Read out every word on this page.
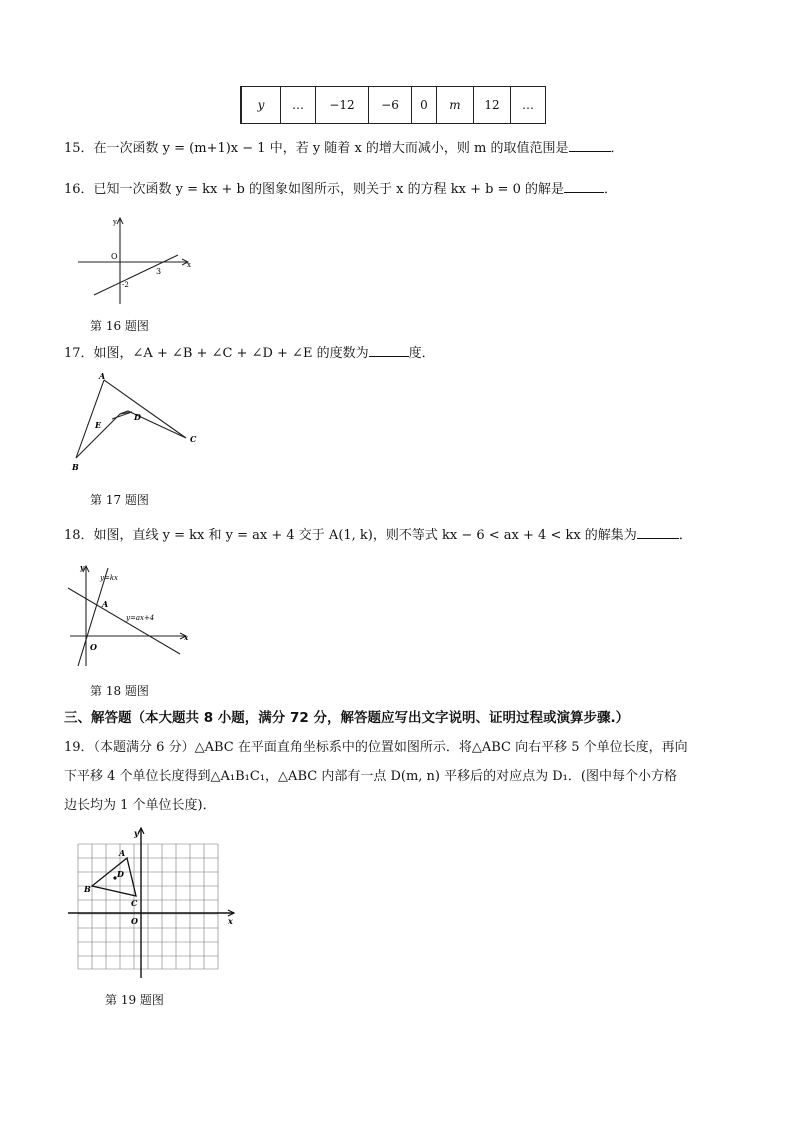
y	…	−12	−6	0	m	12	…
15．在一次函数 y = (m+1)x − 1 中，若 y 随着 x 的增大而减小，则 m 的取值范围是	．
16．已知一次函数 y = kx + b 的图象如图所示，则关于 x 的方程 kx + b = 0 的解是	．
y
x
O
3
-2
第 16 题图
17．如图，∠A + ∠B + ∠C + ∠D + ∠E 的度数为	度．
A
B
C
D
E
第 17 题图
18．如图，直线 y = kx 和 y = ax + 4 交于 A(1, k)，则不等式 kx − 6 < ax + 4 < kx 的解集为	．
y
x
O
A
y=kx
y=ax+4
第 18 题图
三、解答题（本大题共 8 小题，满分 72 分，解答题应写出文字说明、证明过程或演算步骤.）
19．（本题满分 6 分）△ABC 在平面直角坐标系中的位置如图所示．将△ABC 向右平移 5 个单位长度，再向
下平移 4 个单位长度得到△A₁B₁C₁，△ABC 内部有一点 D(m, n) 平移后的对应点为 D₁．(图中每个小方格
边长均为 1 个单位长度)．
y
x
O
A
B
C
D
第 19 题图
